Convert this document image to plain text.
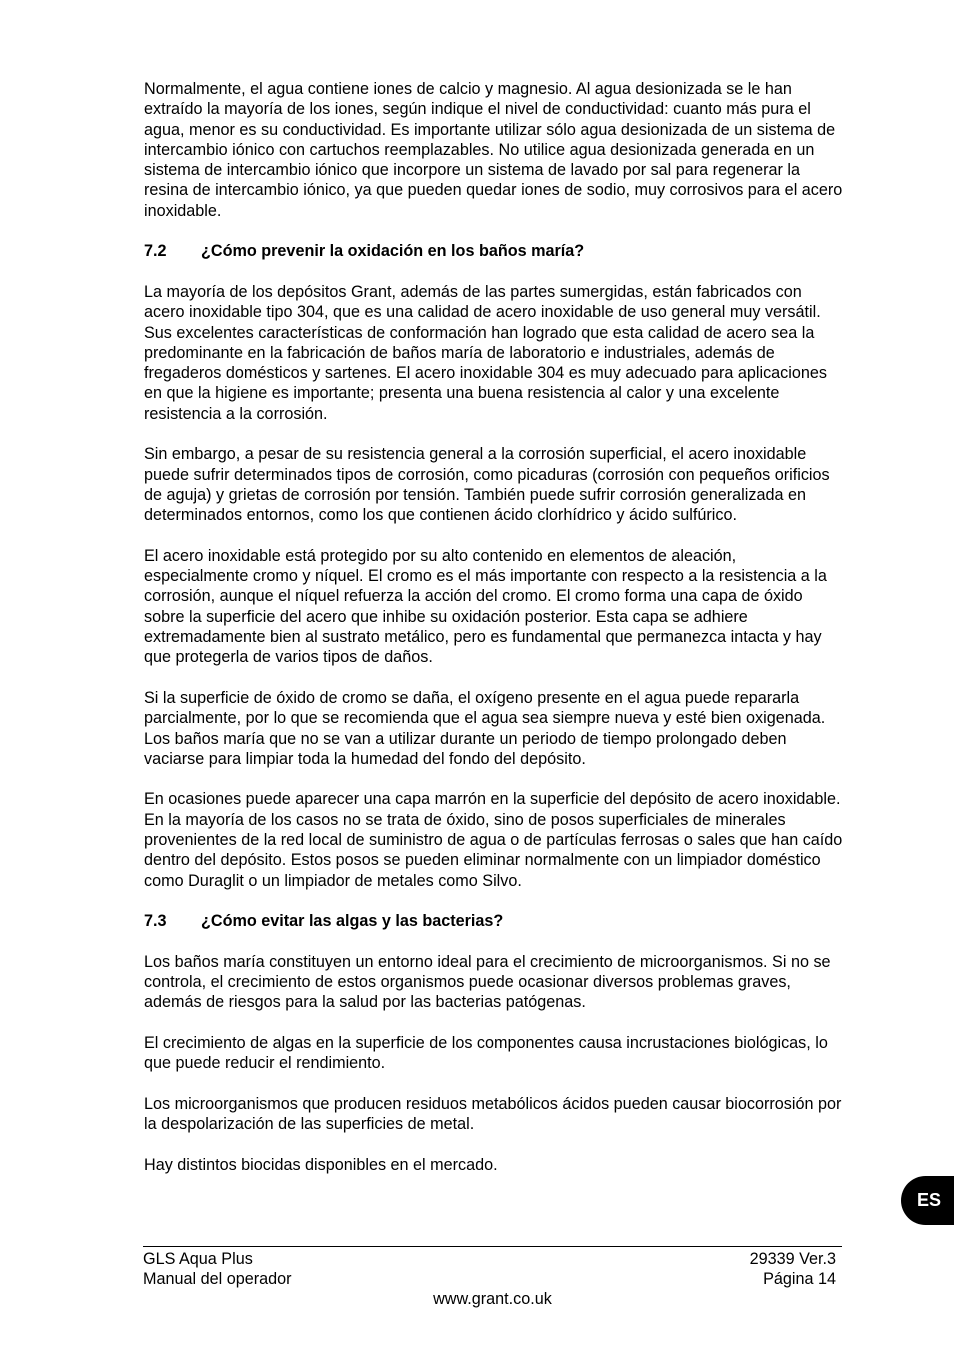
Normalmente, el agua contiene iones de calcio y magnesio. Al agua desionizada se le han extraído la mayoría de los iones, según indique el nivel de conductividad: cuanto más pura el agua, menor es su conductividad. Es importante utilizar sólo agua desionizada de un sistema de intercambio iónico con cartuchos reemplazables. No utilice agua desionizada generada en un sistema de intercambio iónico que incorpore un sistema de lavado por sal para regenerar la resina de intercambio iónico, ya que pueden quedar iones de sodio, muy corrosivos para el acero inoxidable.

7.2	¿Cómo prevenir la oxidación en los baños maría?

La mayoría de los depósitos Grant, además de las partes sumergidas, están fabricados con acero inoxidable tipo 304, que es una calidad de acero inoxidable de uso general muy versátil. Sus excelentes características de conformación han logrado que esta calidad de acero sea la predominante en la fabricación de baños maría de laboratorio e industriales, además de fregaderos domésticos y sartenes. El acero inoxidable 304 es muy adecuado para aplicaciones en que la higiene es importante; presenta una buena resistencia al calor y una excelente resistencia a la corrosión.

Sin embargo, a pesar de su resistencia general a la corrosión superficial, el acero inoxidable puede sufrir determinados tipos de corrosión, como picaduras (corrosión con pequeños orificios de aguja) y grietas de corrosión por tensión. También puede sufrir corrosión generalizada en determinados entornos, como los que contienen ácido clorhídrico y ácido sulfúrico.

El acero inoxidable está protegido por su alto contenido en elementos de aleación, especialmente cromo y níquel. El cromo es el más importante con respecto a la resistencia a la corrosión, aunque el níquel refuerza la acción del cromo. El cromo forma una capa de óxido sobre la superficie del acero que inhibe su oxidación posterior. Esta capa se adhiere extremadamente bien al sustrato metálico, pero es fundamental que permanezca intacta y hay que protegerla de varios tipos de daños.

Si la superficie de óxido de cromo se daña, el oxígeno presente en el agua puede repararla parcialmente, por lo que se recomienda que el agua sea siempre nueva y esté bien oxigenada. Los baños maría que no se van a utilizar durante un periodo de tiempo prolongado deben vaciarse para limpiar toda la humedad del fondo del depósito.

En ocasiones puede aparecer una capa marrón en la superficie del depósito de acero inoxidable. En la mayoría de los casos no se trata de óxido, sino de posos superficiales de minerales provenientes de la red local de suministro de agua o de partículas ferrosas o sales que han caído dentro del depósito. Estos posos se pueden eliminar normalmente con un limpiador doméstico como Duraglit o un limpiador de metales como Silvo.

7.3	¿Cómo evitar las algas y las bacterias?

Los baños maría constituyen un entorno ideal para el crecimiento de microorganismos. Si no se controla, el crecimiento de estos organismos puede ocasionar diversos problemas graves, además de riesgos para la salud por las bacterias patógenas.

El crecimiento de algas en la superficie de los componentes causa incrustaciones biológicas, lo que puede reducir el rendimiento.

Los microorganismos que producen residuos metabólicos ácidos pueden causar biocorrosión por la despolarización de las superficies de metal.

Hay distintos biocidas disponibles en el mercado.

ES
GLS Aqua Plus	29339 Ver.3
Manual del operador	Página 14
www.grant.co.uk
